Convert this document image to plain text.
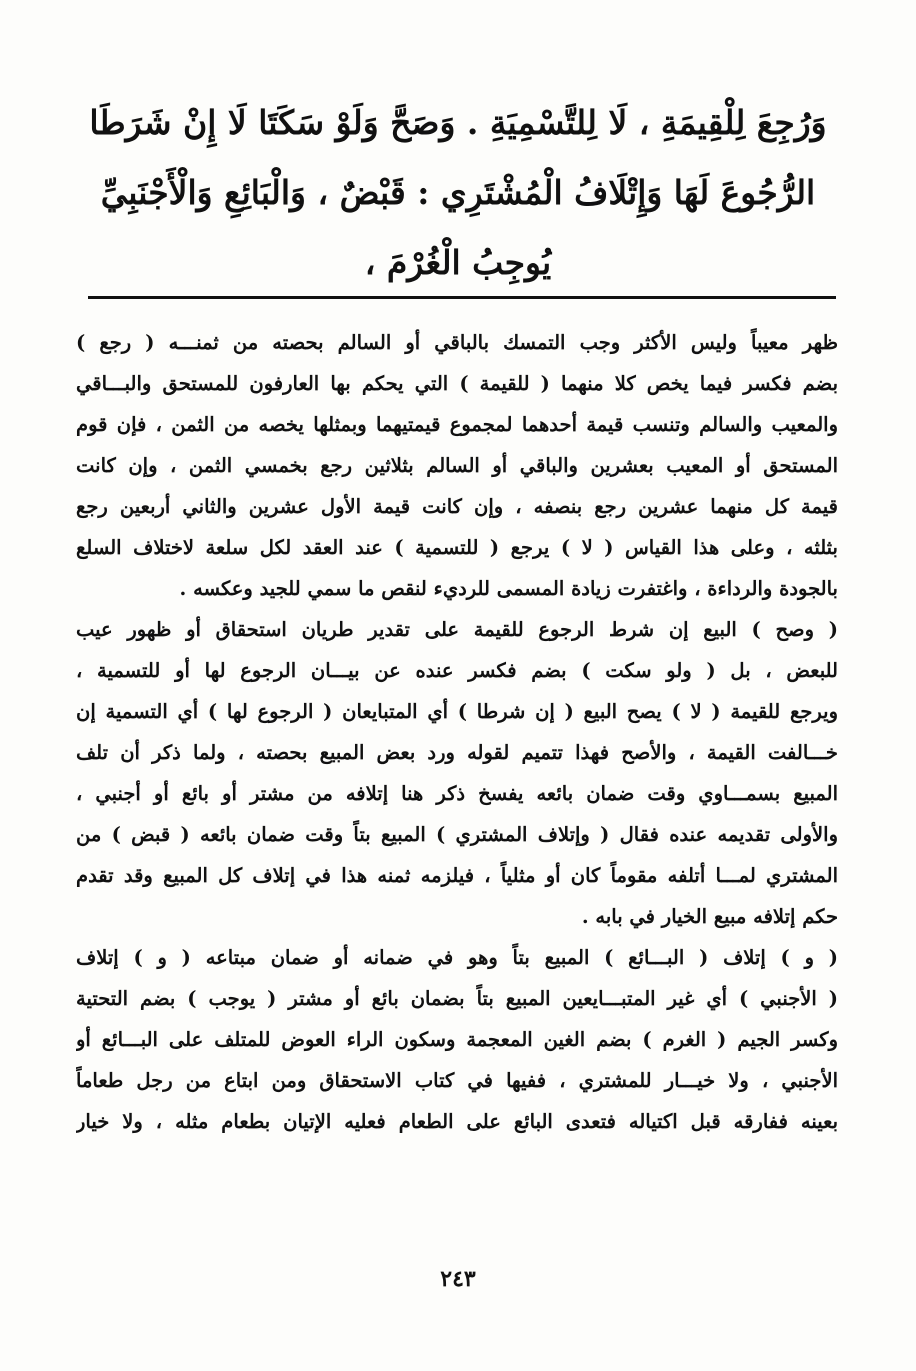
وَرُجِعَ لِلْقِيمَةِ ، لَا لِلتَّسْمِيَةِ . وَصَحَّ وَلَوْ سَكَتَا لَا إِنْ شَرَطَا
الرُّجُوعَ لَهَا وَإِتْلَافُ الْمُشْتَرِي : قَبْضٌ ، وَالْبَائِعِ وَالْأَجْنَبِيِّ
يُوجِبُ الْغُرْمَ ،
ظهر معيباً وليس الأكثر وجب التمسك بالباقي أو السالم بحصته من ثمنـــه ( رجع )
بضم فكسر فيما يخص كلا منهما ( للقيمة ) التي يحكم بها العارفون للمستحق والبـــاقي
والمعيب والسالم وتنسب قيمة أحدهما لمجموع قيمتيهما وبمثلها يخصه من الثمن ، فإن قوم
المستحق أو المعيب بعشرين والباقي أو السالم بثلاثين رجع بخمسي الثمن ، وإن كانت
قيمة كل منهما عشرين رجع بنصفه ، وإن كانت قيمة الأول عشرين والثاني أربعين رجع
بثلثه ، وعلى هذا القياس ( لا ) يرجع ( للتسمية ) عند العقد لكل سلعة لاختلاف السلع
بالجودة والرداءة ، واغتفرت زيادة المسمى للرديء لنقص ما سمي للجيد وعكسه .
( وصح ) البيع إن شرط الرجوع للقيمة على تقدير طريان استحقاق أو ظهور عيب
للبعض ، بل ( ولو سكت ) بضم فكسر عنده عن بيـــان الرجوع لها أو للتسمية ،
ويرجع للقيمة ( لا ) يصح البيع ( إن شرطا ) أي المتبايعان ( الرجوع لها ) أي التسمية إن
خـــالفت القيمة ، والأصح فهذا تتميم لقوله ورد بعض المبيع بحصته ، ولما ذكر أن تلف
المبيع بسمـــاوي وقت ضمان بائعه يفسخ ذكر هنا إتلافه من مشتر أو بائع أو أجنبي ،
والأولى تقديمه عنده فقال ( وإتلاف المشتري ) المبيع بتاً وقت ضمان بائعه ( قبض ) من
المشتري لمـــا أتلفه مقوماً كان أو مثلياً ، فيلزمه ثمنه هذا في إتلاف كل المبيع وقد تقدم
حكم إتلافه مبيع الخيار في بابه .
( و ) إتلاف ( البـــائع ) المبيع بتاً وهو في ضمانه أو ضمان مبتاعه ( و ) إتلاف
( الأجنبي ) أي غير المتبـــايعين المبيع بتاً بضمان بائع أو مشتر ( يوجب ) بضم التحتية
وكسر الجيم ( الغرم ) بضم الغين المعجمة وسكون الراء العوض للمتلف على البـــائع أو
الأجنبي ، ولا خيـــار للمشتري ، ففيها في كتاب الاستحقاق ومن ابتاع من رجل طعاماً
بعينه ففارقه قبل اكتياله فتعدى البائع على الطعام فعليه الإتيان بطعام مثله ، ولا خيار
٢٤٣
